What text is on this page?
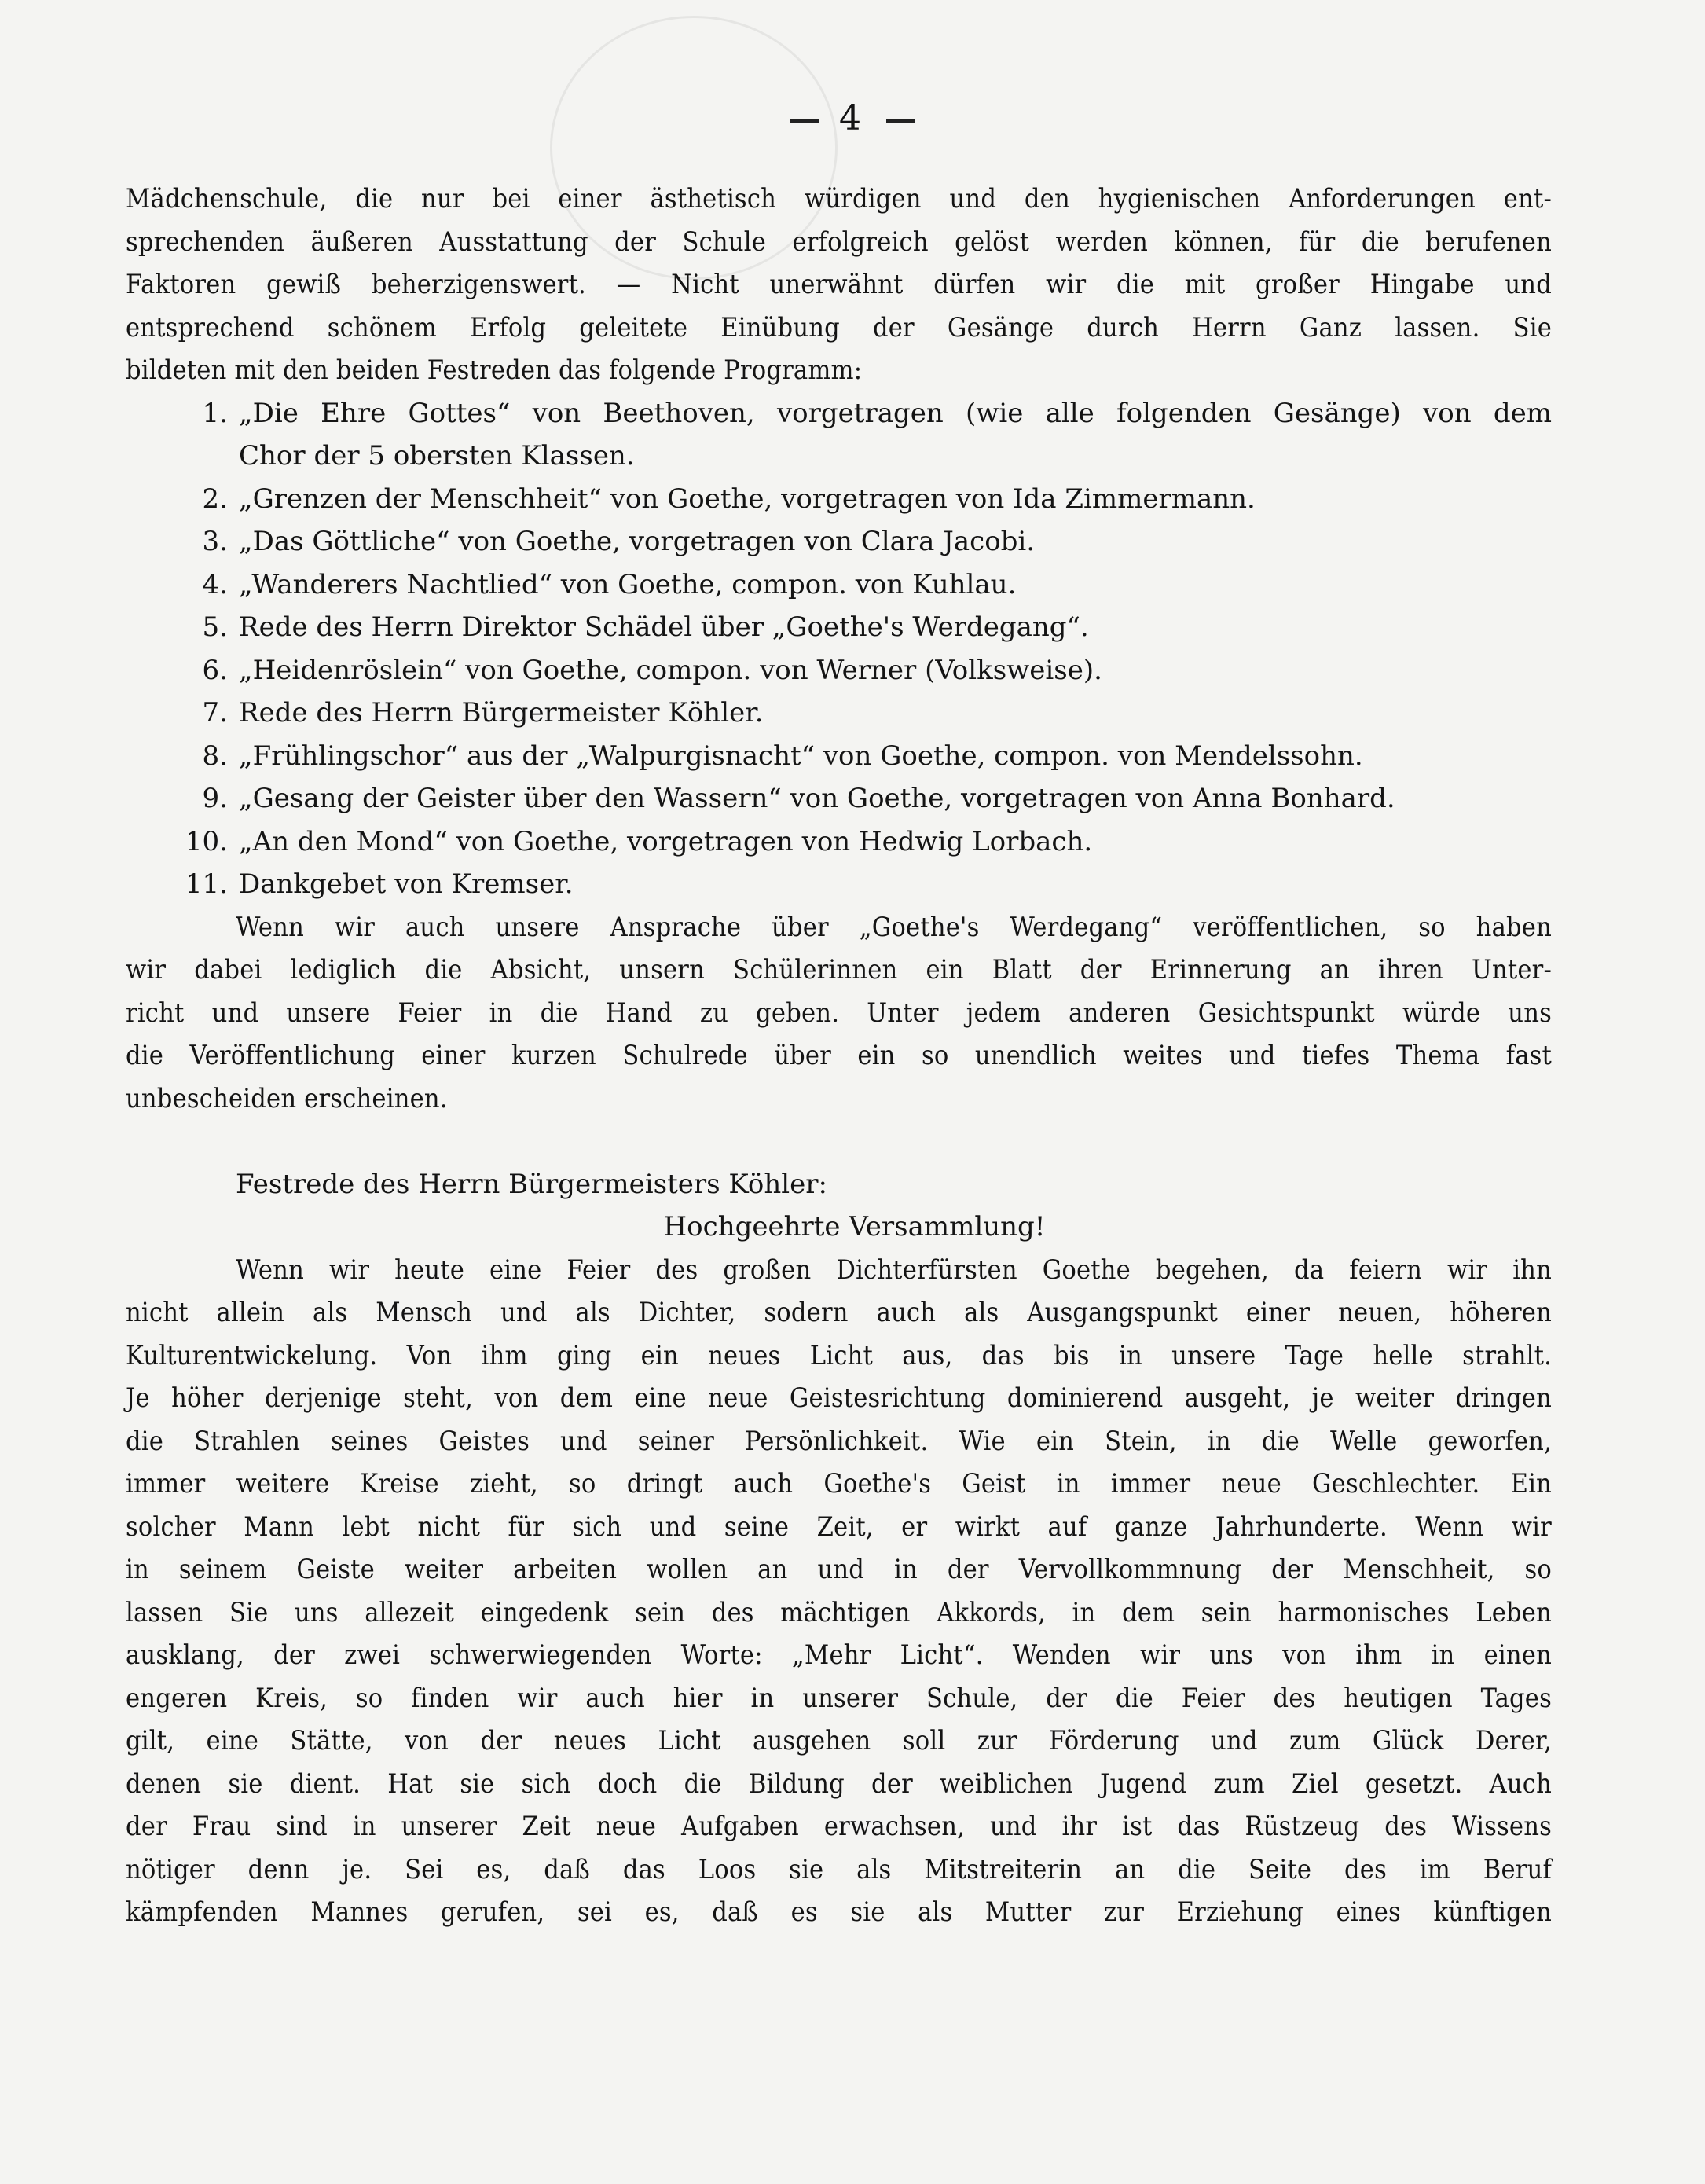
4
Mädchenschule, die nur bei einer ästhetisch würdigen und den hygienischen Anforderungen ent-
sprechenden äußeren Ausstattung der Schule erfolgreich gelöst werden können, für die berufenen
Faktoren gewiß beherzigenswert. — Nicht unerwähnt dürfen wir die mit großer Hingabe und
entsprechend schönem Erfolg geleitete Einübung der Gesänge durch Herrn Ganz lassen. Sie
bildeten mit den beiden Festreden das folgende Programm:
1. „Die Ehre Gottes“ von Beethoven, vorgetragen (wie alle folgenden Gesänge) von dem
Chor der 5 obersten Klassen.
2. „Grenzen der Menschheit“ von Goethe, vorgetragen von Ida Zimmermann.
3. „Das Göttliche“ von Goethe, vorgetragen von Clara Jacobi.
4. „Wanderers Nachtlied“ von Goethe, compon. von Kuhlau.
5. Rede des Herrn Direktor Schädel über „Goethe's Werdegang“.
6. „Heidenröslein“ von Goethe, compon. von Werner (Volksweise).
7. Rede des Herrn Bürgermeister Köhler.
8. „Frühlingschor“ aus der „Walpurgisnacht“ von Goethe, compon. von Mendelssohn.
9. „Gesang der Geister über den Wassern“ von Goethe, vorgetragen von Anna Bonhard.
10. „An den Mond“ von Goethe, vorgetragen von Hedwig Lorbach.
11. Dankgebet von Kremser.
Wenn wir auch unsere Ansprache über „Goethe's Werdegang“ veröffentlichen, so haben
wir dabei lediglich die Absicht, unsern Schülerinnen ein Blatt der Erinnerung an ihren Unter-
richt und unsere Feier in die Hand zu geben. Unter jedem anderen Gesichtspunkt würde uns
die Veröffentlichung einer kurzen Schulrede über ein so unendlich weites und tiefes Thema fast
unbescheiden erscheinen.
Festrede des Herrn Bürgermeisters Köhler:
Hochgeehrte Versammlung!
Wenn wir heute eine Feier des großen Dichterfürsten Goethe begehen, da feiern wir ihn
nicht allein als Mensch und als Dichter, sodern auch als Ausgangspunkt einer neuen, höheren
Kulturentwickelung. Von ihm ging ein neues Licht aus, das bis in unsere Tage helle strahlt.
Je höher derjenige steht, von dem eine neue Geistesrichtung dominierend ausgeht, je weiter dringen
die Strahlen seines Geistes und seiner Persönlichkeit. Wie ein Stein, in die Welle geworfen,
immer weitere Kreise zieht, so dringt auch Goethe's Geist in immer neue Geschlechter. Ein
solcher Mann lebt nicht für sich und seine Zeit, er wirkt auf ganze Jahrhunderte. Wenn wir
in seinem Geiste weiter arbeiten wollen an und in der Vervollkommnung der Menschheit, so
lassen Sie uns allezeit eingedenk sein des mächtigen Akkords, in dem sein harmonisches Leben
ausklang, der zwei schwerwiegenden Worte: „Mehr Licht“. Wenden wir uns von ihm in einen
engeren Kreis, so finden wir auch hier in unserer Schule, der die Feier des heutigen Tages
gilt, eine Stätte, von der neues Licht ausgehen soll zur Förderung und zum Glück Derer,
denen sie dient. Hat sie sich doch die Bildung der weiblichen Jugend zum Ziel gesetzt. Auch
der Frau sind in unserer Zeit neue Aufgaben erwachsen, und ihr ist das Rüstzeug des Wissens
nötiger denn je. Sei es, daß das Loos sie als Mitstreiterin an die Seite des im Beruf
kämpfenden Mannes gerufen, sei es, daß es sie als Mutter zur Erziehung eines künftigen
